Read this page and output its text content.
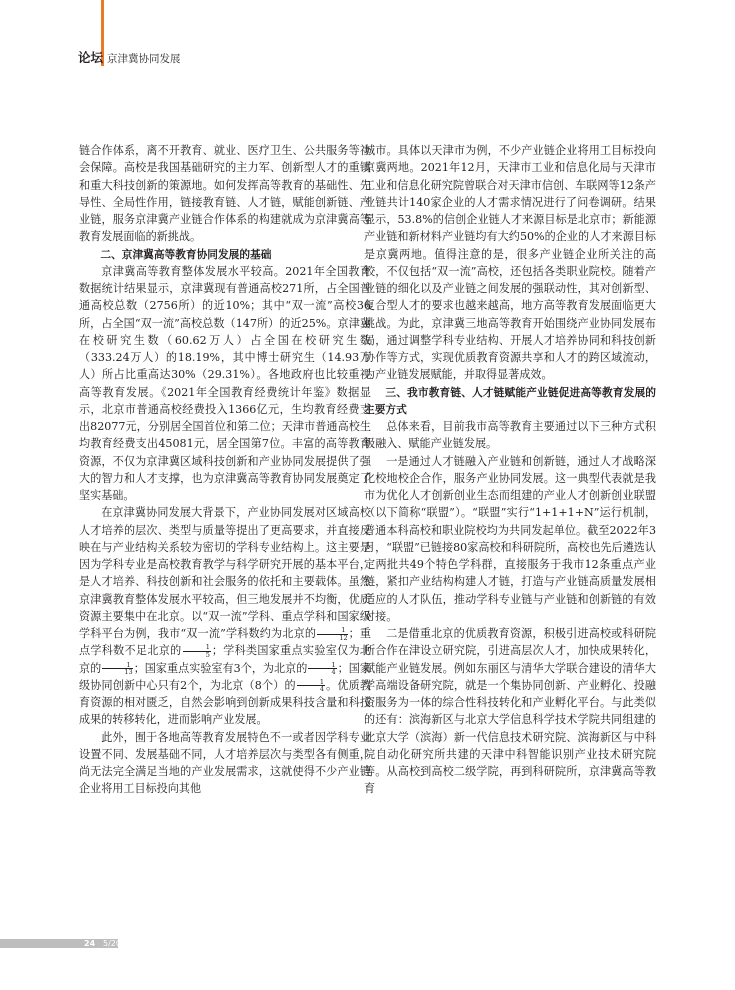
论坛 京津冀协同发展

链合作体系，离不开教育、就业、医疗卫生、公共服务等社会保障。高校是我国基础研究的主力军、创新型人才的重镇和重大科技创新的策源地。如何发挥高等教育的基础性、先导性、全局性作用，链接教育链、人才链，赋能创新链、产业链，服务京津冀产业链合作体系的构建就成为京津冀高等教育发展面临的新挑战。

二、京津冀高等教育协同发展的基础

京津冀高等教育整体发展水平较高。2021年全国教育数据统计结果显示，京津冀现有普通高校271所，占全国普通高校总数（2756所）的近10%；其中“双一流”高校36所，占全国“双一流”高校总数（147所）的近25%。京津冀在校研究生数（60.62万人）占全国在校研究生数（333.24万人）的18.19%，其中博士研究生（14.93万人）所占比重高达30%（29.31%）。各地政府也比较重视高等教育发展。《2021年全国教育经费统计年鉴》数据显示，北京市普通高校经费投入1366亿元，生均教育经费支出82077元，分别居全国首位和第二位；天津市普通高校生均教育经费支出45081元，居全国第7位。丰富的高等教育资源，不仅为京津冀区域科技创新和产业协同发展提供了强大的智力和人才支撑，也为京津冀高等教育协同发展奠定了坚实基础。

在京津冀协同发展大背景下，产业协同发展对区域高校人才培养的层次、类型与质量等提出了更高要求，并直接反映在与产业结构关系较为密切的学科专业结构上。这主要是因为学科专业是高校教育教学与科学研究开展的基本平台，是人才培养、科技创新和社会服务的依托和主要载体。虽然京津冀教育整体发展水平较高，但三地发展并不均衡，优质资源主要集中在北京。以“双一流”学科、重点学科和国家级学科平台为例，我市“双一流”学科数约为北京的 $\frac{1}{12}$ ；重点学科数不足北京的 $\frac{1}{5}$ ；学科类国家重点实验室仅为北京的 $\frac{1}{13}$ ；国家重点实验室有3个，为北京的 $\frac{1}{4}$ ；国家级协同创新中心只有2个，为北京（8个）的 $\frac{1}{4}$ 。优质教育资源的相对匮乏，自然会影响到创新成果科技含量和科技成果的转移转化，进而影响产业发展。

此外，囿于各地高等教育发展特色不一或者因学科专业设置不同、发展基础不同，人才培养层次与类型各有侧重，尚无法完全满足当地的产业发展需求，这就使得不少产业链企业将用工目标投向其他

城市。具体以天津市为例，不少产业链企业将用工目标投向京冀两地。2021年12月，天津市工业和信息化局与天津市工业和信息化研究院曾联合对天津市信创、车联网等12条产业链共计140家企业的人才需求情况进行了问卷调研。结果显示，53.8%的信创企业链人才来源目标是北京市；新能源产业链和新材料产业链均有大约50%的企业的人才来源目标是京冀两地。值得注意的是，很多产业链企业所关注的高校，不仅包括“双一流”高校，还包括各类职业院校。随着产业链的细化以及产业链之间发展的强联动性，其对创新型、复合型人才的要求也越来越高，地方高等教育发展面临更大挑战。为此，京津冀三地高等教育开始围绕产业协同发展布局，通过调整学科专业结构、开展人才培养协同和科技创新协作等方式，实现优质教育资源共享和人才的跨区域流动，为产业链发展赋能，并取得显著成效。

三、我市教育链、人才链赋能产业链促进高等教育发展的主要方式

总体来看，目前我市高等教育主要通过以下三种方式积极融入、赋能产业链发展。

一是通过人才链融入产业链和创新链，通过人才战略深化校地校企合作，服务产业协同发展。这一典型代表就是我市为优化人才创新创业生态而组建的产业人才创新创业联盟（以下简称“联盟”）。“联盟”实行“1+1+1+N”运行机制，普通本科高校和职业院校均为共同发起单位。截至2022年3月，“联盟”已链接80家高校和科研院所，高校也先后遴选认定两批共49个特色学科群，直接服务于我市12条重点产业链，紧扣产业结构构建人才链，打造与产业链高质量发展相适应的人才队伍，推动学科专业链与产业链和创新链的有效对接。

二是借重北京的优质教育资源，积极引进高校或科研院所合作在津设立研究院，引进高层次人才，加快成果转化，赋能产业链发展。例如东丽区与清华大学联合建设的清华大学高端设备研究院，就是一个集协同创新、产业孵化、投融资服务为一体的综合性科技转化和产业孵化平台。与此类似的还有：滨海新区与北京大学信息科学技术学院共同组建的北京大学（滨海）新一代信息技术研究院、滨海新区与中科院自动化研究所共建的天津中科智能识别产业技术研究院等。从高校到高校二级学院，再到科研院所，京津冀高等教育

24 5/2023
